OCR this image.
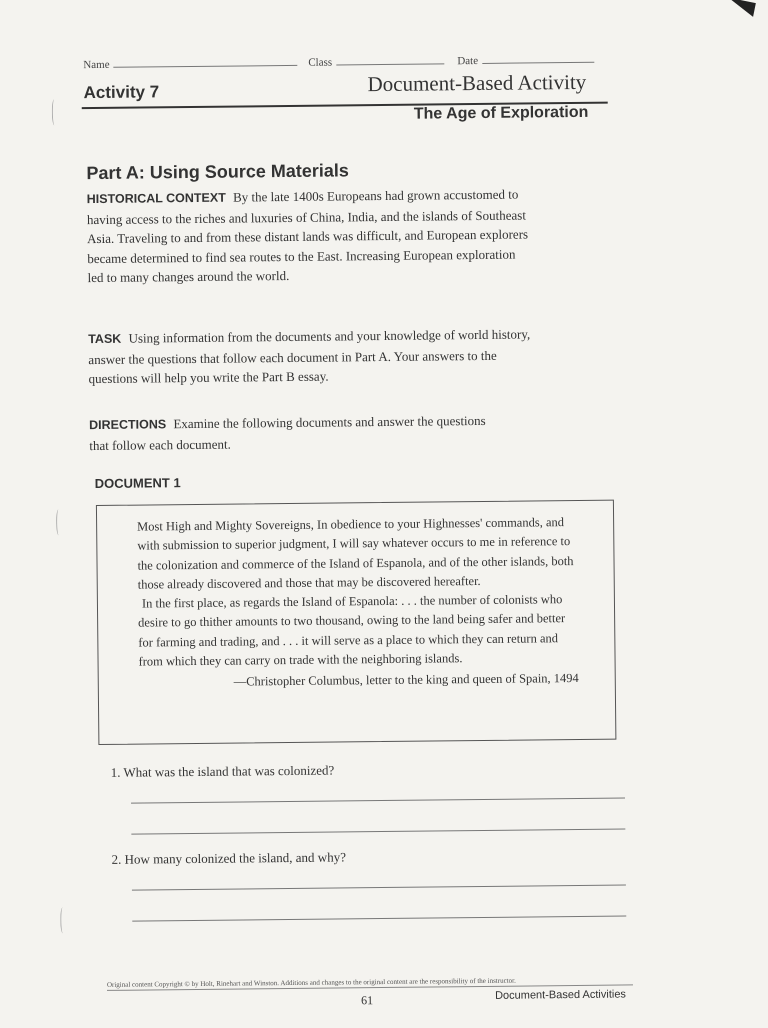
Name	Class	Date
Activity 7	Document-Based Activity
The Age of Exploration
Part A: Using Source Materials
HISTORICAL CONTEXT By the late 1400s Europeans had grown accustomed to having access to the riches and luxuries of China, India, and the islands of Southeast Asia. Traveling to and from these distant lands was difficult, and European explorers became determined to find sea routes to the East. Increasing European exploration led to many changes around the world.
TASK Using information from the documents and your knowledge of world history, answer the questions that follow each document in Part A. Your answers to the questions will help you write the Part B essay.
DIRECTIONS Examine the following documents and answer the questions that follow each document.
DOCUMENT 1

Most High and Mighty Sovereigns, In obedience to your Highnesses' commands, and with submission to superior judgment, I will say whatever occurs to me in reference to the colonization and commerce of the Island of Espanola, and of the other islands, both those already discovered and those that may be discovered hereafter.

In the first place, as regards the Island of Espanola: . . . the number of colonists who desire to go thither amounts to two thousand, owing to the land being safer and better for farming and trading, and . . . it will serve as a place to which they can return and from which they can carry on trade with the neighboring islands.

—Christopher Columbus, letter to the king and queen of Spain, 1494

1. What was the island that was colonized?
2. How many colonized the island, and why?
Original content Copyright © by Holt, Rinehart and Winston. Additions and changes to the original content are the responsibility of the instructor.
61	Document-Based Activities
